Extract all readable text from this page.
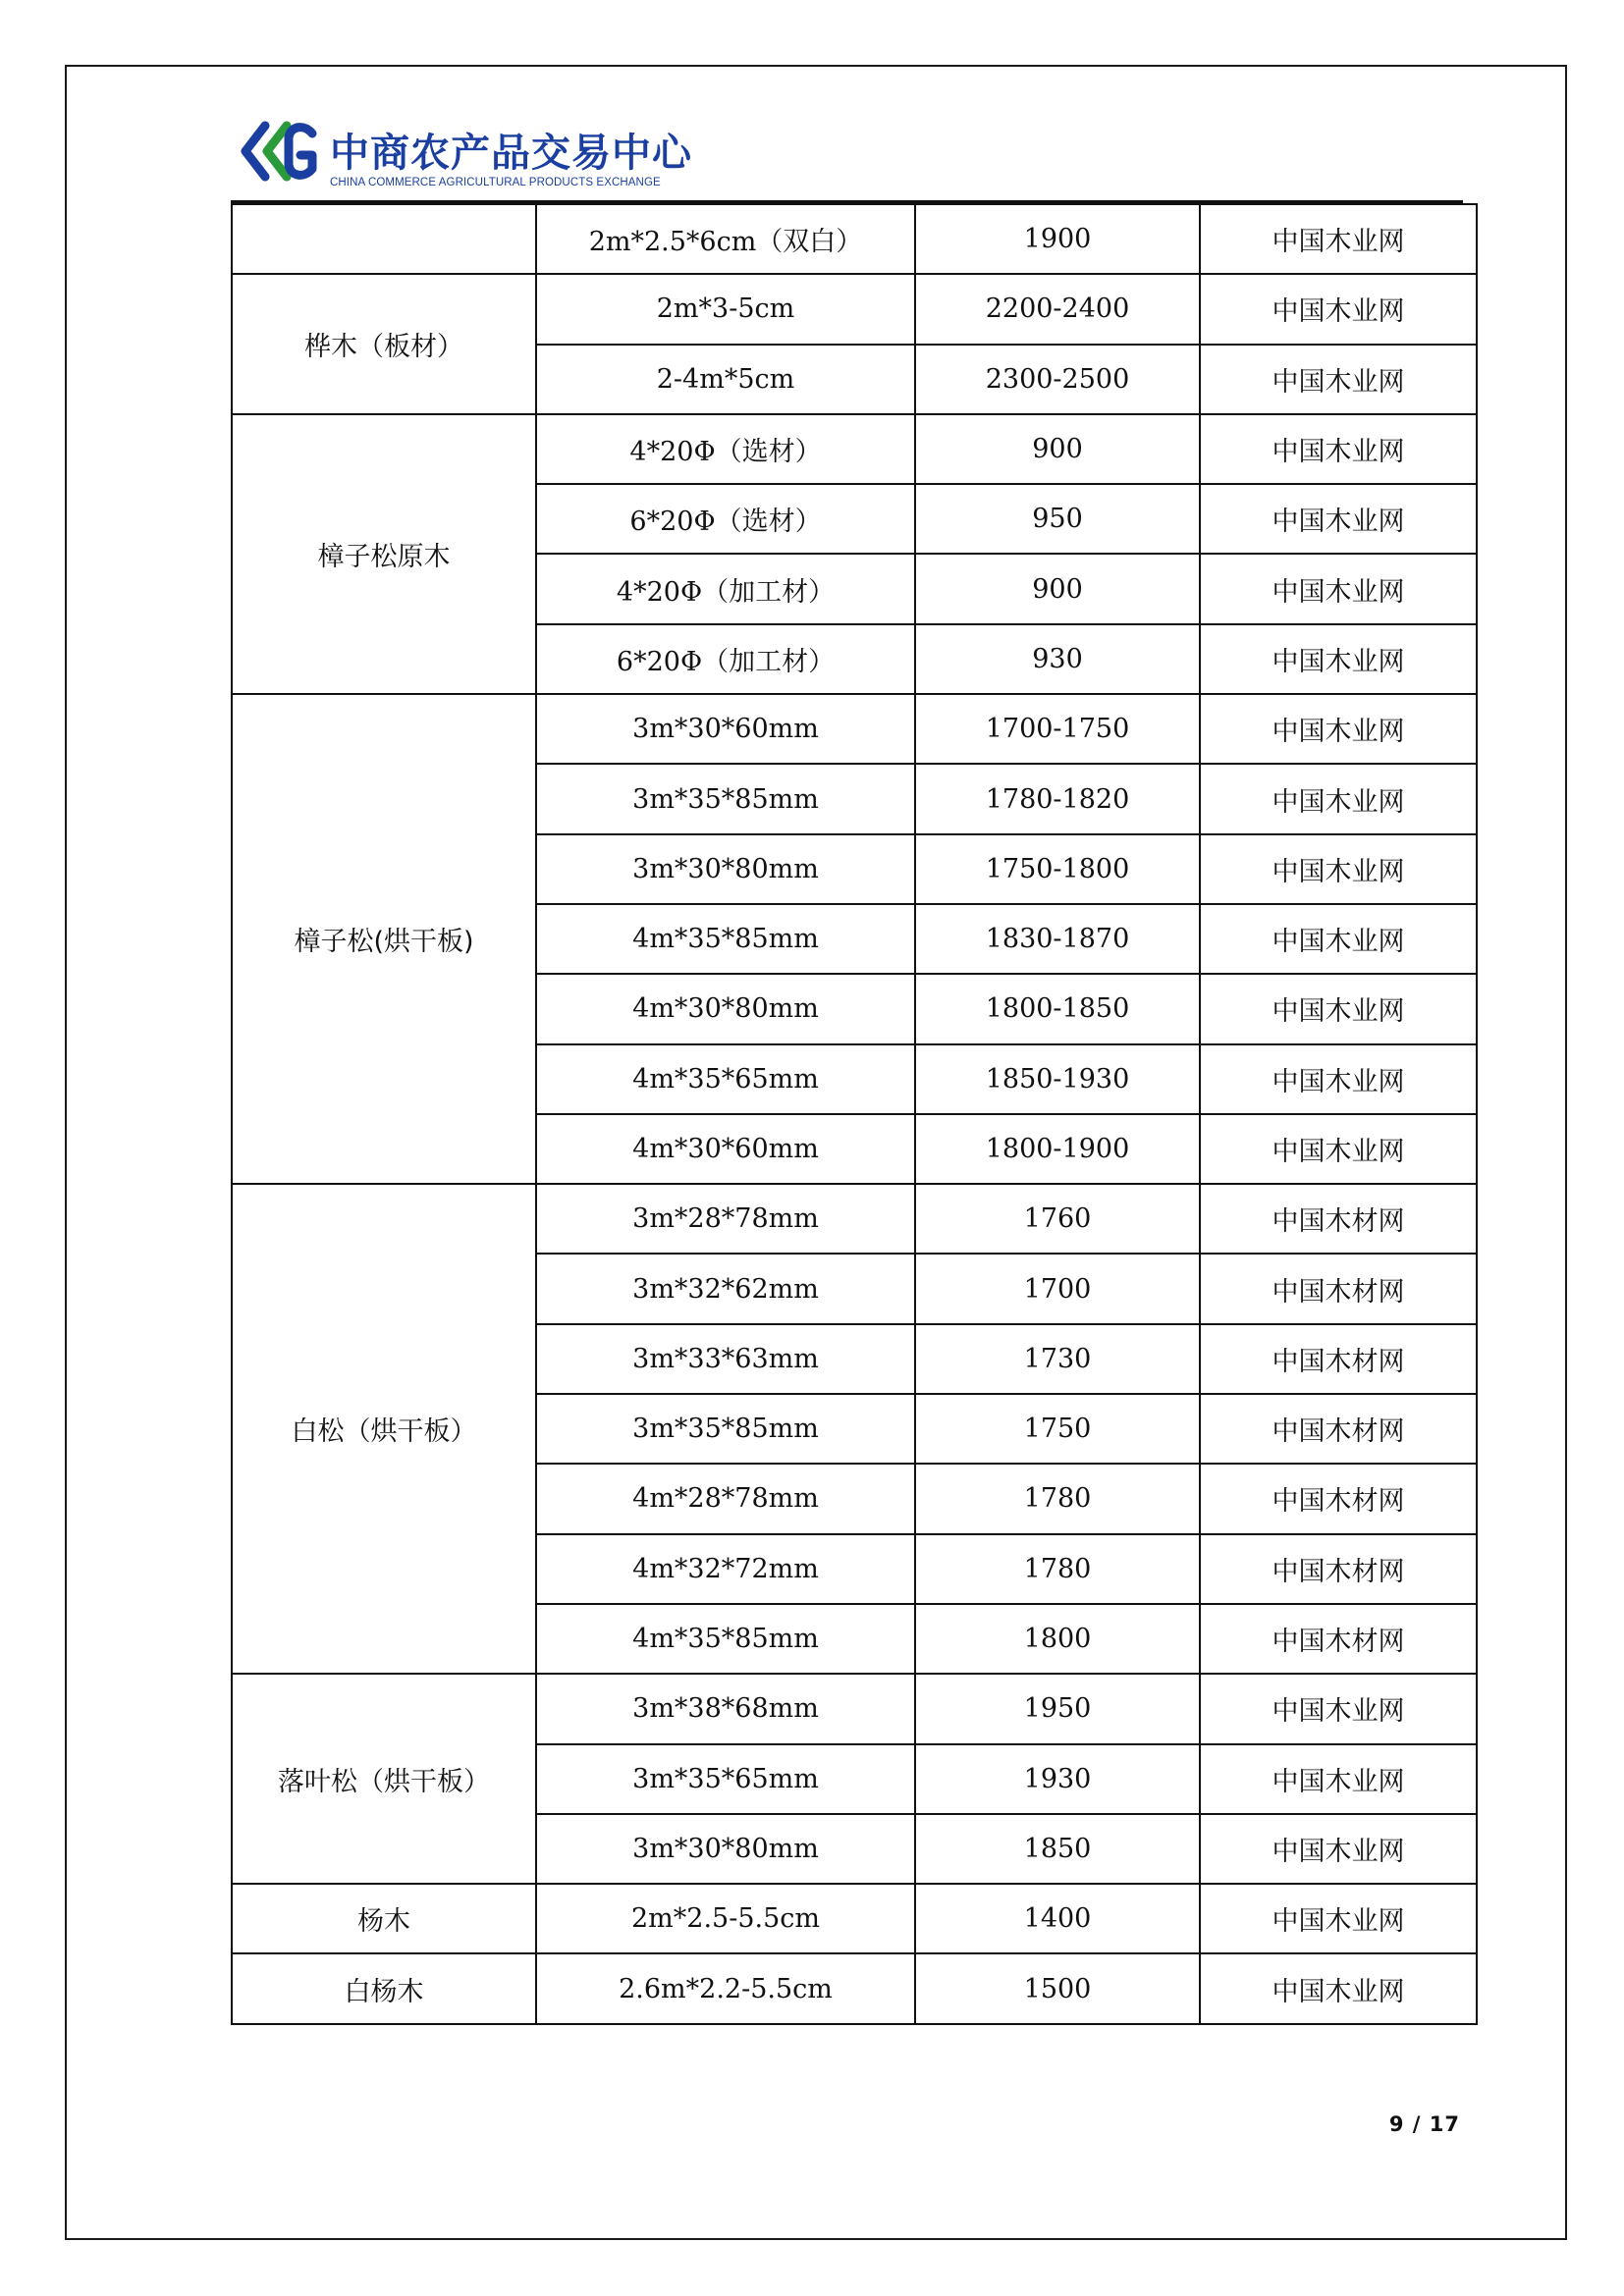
中商农产品交易中心
CHINA COMMERCE AGRICULTURAL PRODUCTS EXCHANGE
	2m*2.5*6cm（双白）	1900	中国木业网
桦木（板材）	2m*3-5cm	2200-2400	中国木业网
	2-4m*5cm	2300-2500	中国木业网
樟子松原木	4*20Φ（选材）	900	中国木业网
	6*20Φ（选材）	950	中国木业网
	4*20Φ（加工材）	900	中国木业网
	6*20Φ（加工材）	930	中国木业网
樟子松(烘干板)	3m*30*60mm	1700-1750	中国木业网
	3m*35*85mm	1780-1820	中国木业网
	3m*30*80mm	1750-1800	中国木业网
	4m*35*85mm	1830-1870	中国木业网
	4m*30*80mm	1800-1850	中国木业网
	4m*35*65mm	1850-1930	中国木业网
	4m*30*60mm	1800-1900	中国木业网
白松（烘干板）	3m*28*78mm	1760	中国木材网
	3m*32*62mm	1700	中国木材网
	3m*33*63mm	1730	中国木材网
	3m*35*85mm	1750	中国木材网
	4m*28*78mm	1780	中国木材网
	4m*32*72mm	1780	中国木材网
	4m*35*85mm	1800	中国木材网
落叶松（烘干板）	3m*38*68mm	1950	中国木业网
	3m*35*65mm	1930	中国木业网
	3m*30*80mm	1850	中国木业网
杨木	2m*2.5-5.5cm	1400	中国木业网
白杨木	2.6m*2.2-5.5cm	1500	中国木业网
9 / 17
